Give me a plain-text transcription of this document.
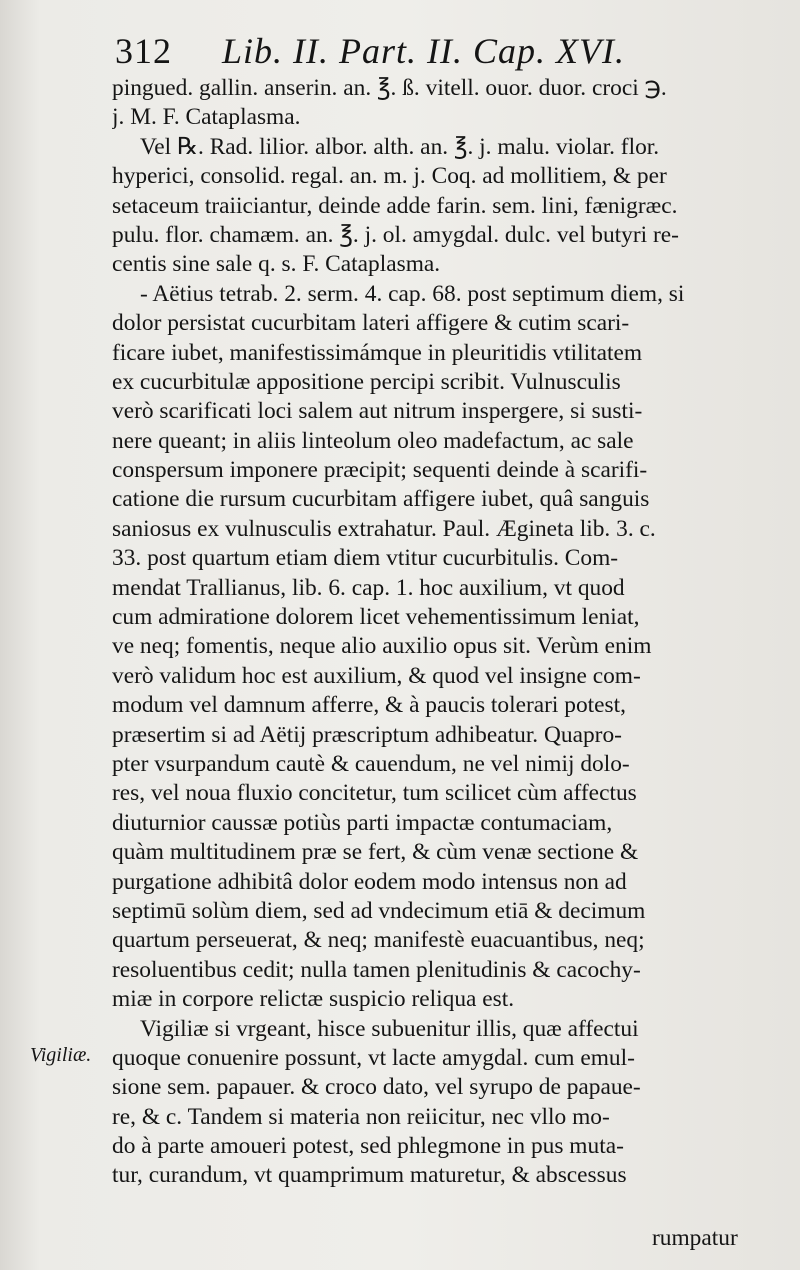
312 Lib. II. Part. II. Cap. XVI.
pingued. gallin. anserin. an. ℥. ß. vitell. ouor. duor. croci ℈.
j. M. F. Cataplasma.
Vel ℞. Rad. lilior. albor. alth. an. ℥. j. malu. violar. flor.
hyperici, consolid. regal. an. m. j. Coq. ad mollitiem, & per
setaceum traiiciantur, deinde adde farin. sem. lini, fænigræc.
pulu. flor. chamæm. an. ℥. j. ol. amygdal. dulc. vel butyri re-
centis sine sale q. s. F. Cataplasma.
- Aëtius tetrab. 2. serm. 4. cap. 68. post septimum diem, si
dolor persistat cucurbitam lateri affigere & cutim scari-
ficare iubet, manifestissimámque in pleuritidis vtilitatem
ex cucurbitulæ appositione percipi scribit. Vulnusculis
verò scarificati loci salem aut nitrum inspergere, si susti-
nere queant; in aliis linteolum oleo madefactum, ac sale
conspersum imponere præcipit; sequenti deinde à scarifi-
catione die rursum cucurbitam affigere iubet, quâ sanguis
saniosus ex vulnusculis extrahatur. Paul. Ægineta lib. 3. c.
33. post quartum etiam diem vtitur cucurbitulis. Com-
mendat Trallianus, lib. 6. cap. 1. hoc auxilium, vt quod
cum admiratione dolorem licet vehementissimum leniat,
ve neq; fomentis, neque alio auxilio opus sit. Verùm enim
verò validum hoc est auxilium, & quod vel insigne com-
modum vel damnum afferre, & à paucis tolerari potest,
præsertim si ad Aëtij præscriptum adhibeatur. Quapro-
pter vsurpandum cautè & cauendum, ne vel nimij dolo-
res, vel noua fluxio concitetur, tum scilicet cùm affectus
diuturnior caussæ potiùs parti impactæ contumaciam,
quàm multitudinem præ se fert, & cùm venæ sectione &
purgatione adhibitâ dolor eodem modo intensus non ad
septimū solùm diem, sed ad vndecimum etiā & decimum
quartum perseuerat, & neq; manifestè euacuantibus, neq;
resoluentibus cedit; nulla tamen plenitudinis & cacochy-
miæ in corpore relictæ suspicio reliqua est.
Vigiliæ si vrgeant, hisce subuenitur illis, quæ affectui
quoque conuenire possunt, vt lacte amygdal. cum emul-
sione sem. papauer. & croco dato, vel syrupo de papaue-
re, & c. Tandem si materia non reiicitur, nec vllo mo-
do à parte amoueri potest, sed phlegmone in pus muta-
tur, curandum, vt quamprimum maturetur, & abscessus
Vigiliæ.
rumpatur
